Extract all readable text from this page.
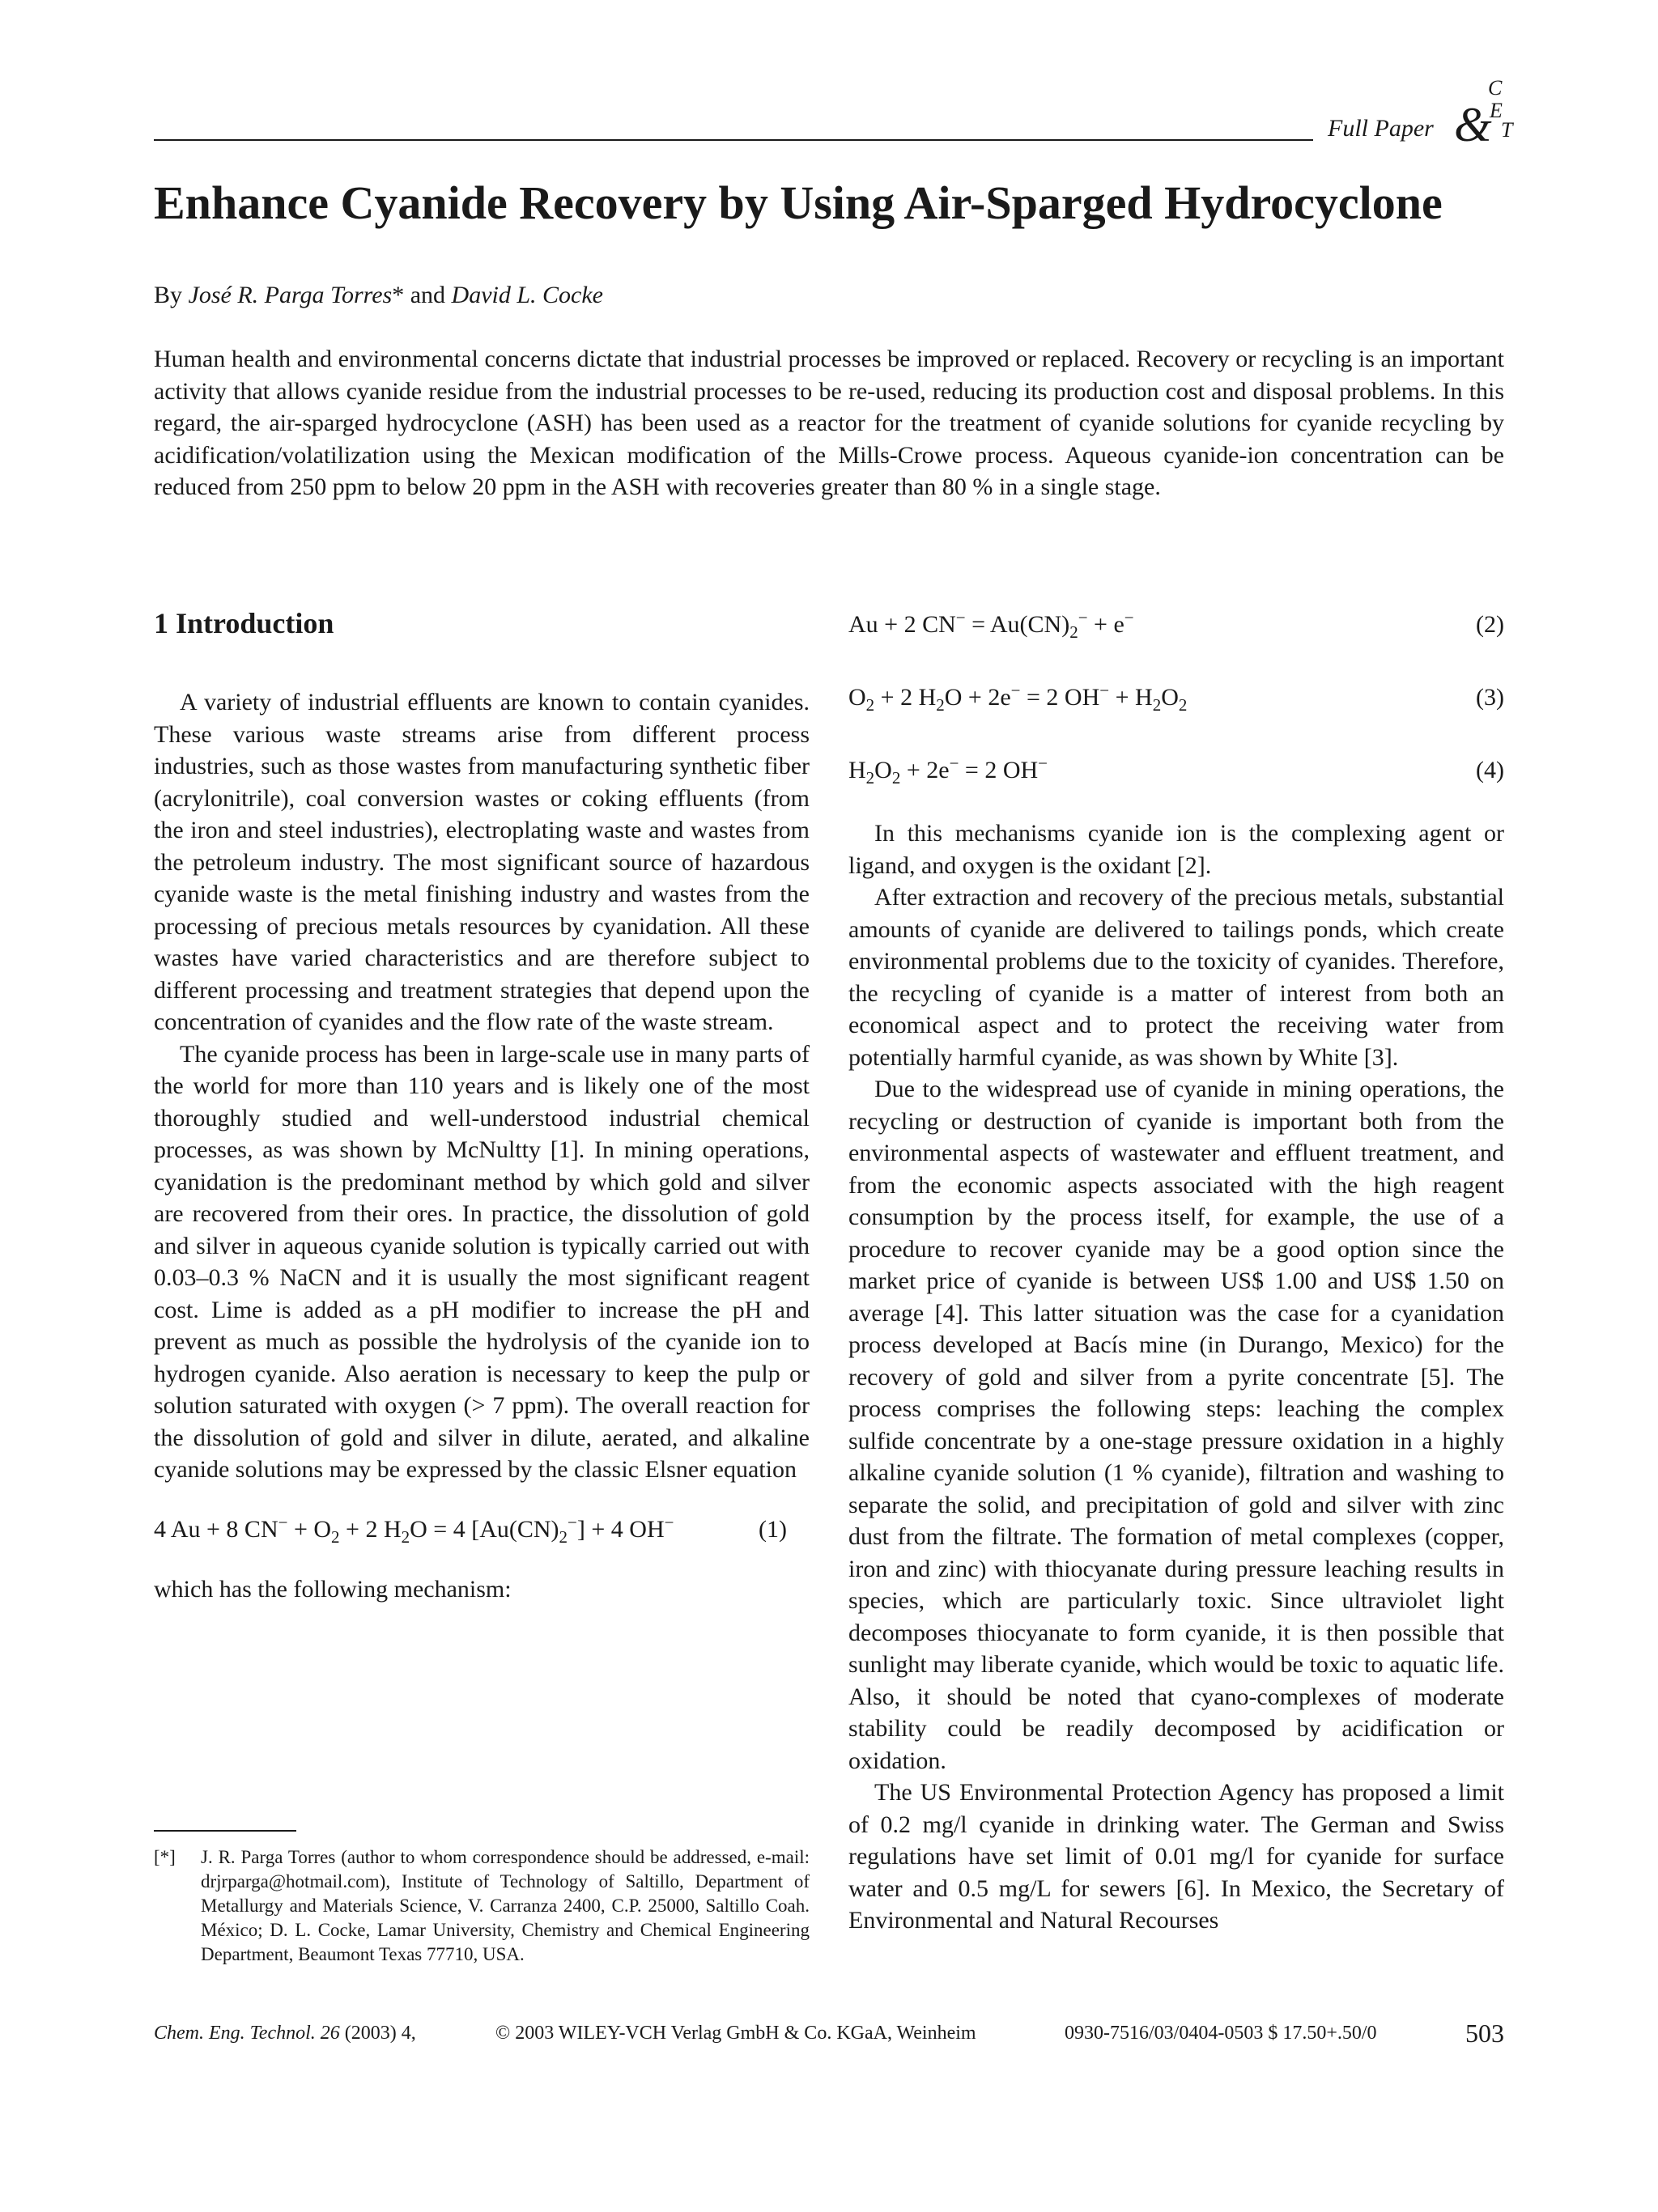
Full Paper
C
&
E
T
Enhance Cyanide Recovery by Using Air-Sparged Hydrocyclone
By José R. Parga Torres* and David L. Cocke

Human health and environmental concerns dictate that industrial processes be improved or replaced. Recovery or recycling is an important activity that allows cyanide residue from the industrial processes to be re-used, reducing its production cost and disposal problems. In this regard, the air-sparged hydrocyclone (ASH) has been used as a reactor for the treatment of cyanide solutions for cyanide recycling by acidification/volatilization using the Mexican modification of the Mills-Crowe process. Aqueous cyanide-ion concentration can be reduced from 250 ppm to below 20 ppm in the ASH with recoveries greater than 80 % in a single stage.

1 Introduction

A variety of industrial effluents are known to contain cyanides. These various waste streams arise from different process industries, such as those wastes from manufacturing synthetic fiber (acrylonitrile), coal conversion wastes or coking effluents (from the iron and steel industries), electroplating waste and wastes from the petroleum industry. The most significant source of hazardous cyanide waste is the metal finishing industry and wastes from the processing of precious metals resources by cyanidation. All these wastes have varied characteristics and are therefore subject to different processing and treatment strategies that depend upon the concentration of cyanides and the flow rate of the waste stream.

The cyanide process has been in large-scale use in many parts of the world for more than 110 years and is likely one of the most thoroughly studied and well-understood industrial chemical processes, as was shown by McNultty [1]. In mining operations, cyanidation is the predominant method by which gold and silver are recovered from their ores. In practice, the dissolution of gold and silver in aqueous cyanide solution is typically carried out with 0.03–0.3 % NaCN and it is usually the most significant reagent cost. Lime is added as a pH modifier to increase the pH and prevent as much as possible the hydrolysis of the cyanide ion to hydrogen cyanide. Also aeration is necessary to keep the pulp or solution saturated with oxygen (> 7 ppm). The overall reaction for the dissolution of gold and silver in dilute, aerated, and alkaline cyanide solutions may be expressed by the classic Elsner equation

4 Au + 8 $CN^- + O_2 + 2$ $H_2O = 4$ $[Au(CN)_2^-] + 4$ OH−	(1)

which has the following mechanism:

Au + 2 $CN^- = Au(CN)_2^- + e^-$	(2)
$O_2 + 2$ $H_2O + 2e^- = 2$ $OH^- + H_2O_2$	(3)
$H_2O_2 + 2e^- = 2$ OH−	(4)

In this mechanisms cyanide ion is the complexing agent or ligand, and oxygen is the oxidant [2].

After extraction and recovery of the precious metals, substantial amounts of cyanide are delivered to tailings ponds, which create environmental problems due to the toxicity of cyanides. Therefore, the recycling of cyanide is a matter of interest from both an economical aspect and to protect the receiving water from potentially harmful cyanide, as was shown by White [3].

Due to the widespread use of cyanide in mining operations, the recycling or destruction of cyanide is important both from the environmental aspects of wastewater and effluent treatment, and from the economic aspects associated with the high reagent consumption by the process itself, for example, the use of a procedure to recover cyanide may be a good option since the market price of cyanide is between US$ 1.00 and US$ 1.50 on average [4]. This latter situation was the case for a cyanidation process developed at Bacís mine (in Durango, Mexico) for the recovery of gold and silver from a pyrite concentrate [5]. The process comprises the following steps: leaching the complex sulfide concentrate by a one-stage pressure oxidation in a highly alkaline cyanide solution (1 % cyanide), filtration and washing to separate the solid, and precipitation of gold and silver with zinc dust from the filtrate. The formation of metal complexes (copper, iron and zinc) with thiocyanate during pressure leaching results in species, which are particularly toxic. Since ultraviolet light decomposes thiocyanate to form cyanide, it is then possible that sunlight may liberate cyanide, which would be toxic to aquatic life. Also, it should be noted that cyano-complexes of moderate stability could be readily decomposed by acidification or oxidation.

The US Environmental Protection Agency has proposed a limit of 0.2 mg/l cyanide in drinking water. The German and Swiss regulations have set limit of 0.01 mg/l for cyanide for surface water and 0.5 mg/L for sewers [6]. In Mexico, the Secretary of Environmental and Natural Recourses

[*] J. R. Parga Torres (author to whom correspondence should be addressed, e-mail: drjrparga@hotmail.com), Institute of Technology of Saltillo, Department of Metallurgy and Materials Science, V. Carranza 2400, C.P. 25000, Saltillo Coah. México; D. L. Cocke, Lamar University, Chemistry and Chemical Engineering Department, Beaumont Texas 77710, USA.
Chem. Eng. Technol. 26 (2003) 4,	© 2003 WILEY-VCH Verlag GmbH & Co. KGaA, Weinheim	0930-7516/03/0404-0503 $ 17.50+.50/0	503
